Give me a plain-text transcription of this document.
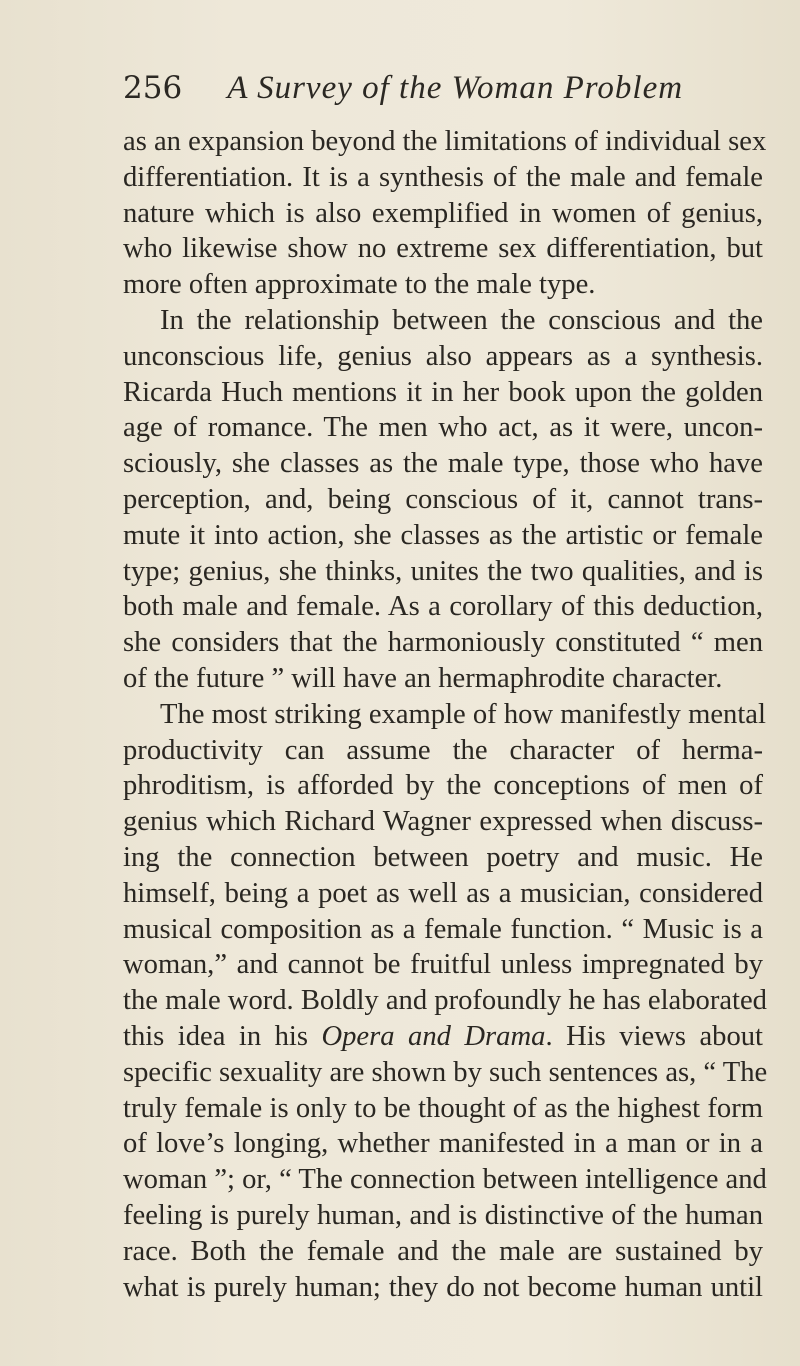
256 A Survey of the Woman Problem
as an expansion beyond the limitations of individual sex
differentiation. It is a synthesis of the male and female
nature which is also exemplified in women of genius,
who likewise show no extreme sex differentiation, but
more often approximate to the male type.
In the relationship between the conscious and the
unconscious life, genius also appears as a synthesis.
Ricarda Huch mentions it in her book upon the golden
age of romance. The men who act, as it were, uncon-
sciously, she classes as the male type, those who have
perception, and, being conscious of it, cannot trans-
mute it into action, she classes as the artistic or female
type; genius, she thinks, unites the two qualities, and is
both male and female. As a corollary of this deduction,
she considers that the harmoniously constituted “ men
of the future ” will have an hermaphrodite character.
The most striking example of how manifestly mental
productivity can assume the character of herma-
phroditism, is afforded by the conceptions of men of
genius which Richard Wagner expressed when discuss-
ing the connection between poetry and music. He
himself, being a poet as well as a musician, considered
musical composition as a female function. “ Music is a
woman,” and cannot be fruitful unless impregnated by
the male word. Boldly and profoundly he has elaborated
this idea in his Opera and Drama. His views about
specific sexuality are shown by such sentences as, “ The
truly female is only to be thought of as the highest form
of love’s longing, whether manifested in a man or in a
woman ”; or, “ The connection between intelligence and
feeling is purely human, and is distinctive of the human
race. Both the female and the male are sustained by
what is purely human; they do not become human until
